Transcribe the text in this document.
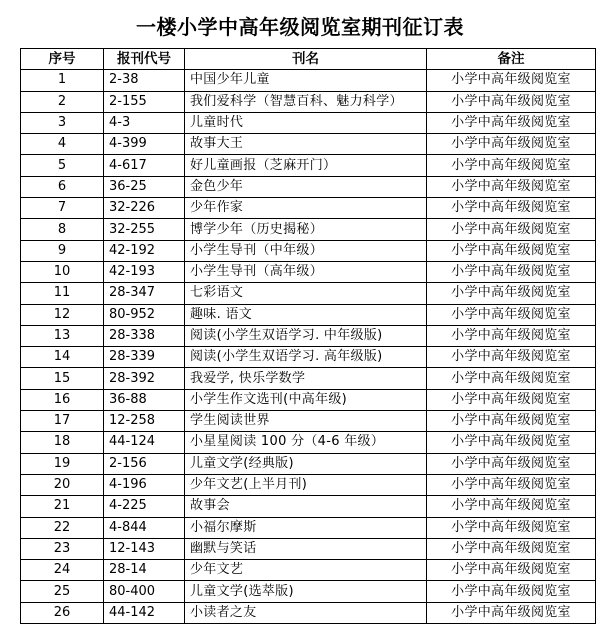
一楼小学中高年级阅览室期刊征订表
序号	报刊代号	刊名	备注
1	2-38	中国少年儿童	小学中高年级阅览室
2	2-155	我们爱科学（智慧百科、魅力科学）	小学中高年级阅览室
3	4-3	儿童时代	小学中高年级阅览室
4	4-399	故事大王	小学中高年级阅览室
5	4-617	好儿童画报（芝麻开门）	小学中高年级阅览室
6	36-25	金色少年	小学中高年级阅览室
7	32-226	少年作家	小学中高年级阅览室
8	32-255	博学少年（历史揭秘）	小学中高年级阅览室
9	42-192	小学生导刊（中年级）	小学中高年级阅览室
10	42-193	小学生导刊（高年级）	小学中高年级阅览室
11	28-347	七彩语文	小学中高年级阅览室
12	80-952	趣味. 语文	小学中高年级阅览室
13	28-338	阅读(小学生双语学习. 中年级版)	小学中高年级阅览室
14	28-339	阅读(小学生双语学习. 高年级版)	小学中高年级阅览室
15	28-392	我爱学, 快乐学数学	小学中高年级阅览室
16	36-88	小学生作文选刊(中高年级)	小学中高年级阅览室
17	12-258	学生阅读世界	小学中高年级阅览室
18	44-124	小星星阅读 100 分（4-6 年级）	小学中高年级阅览室
19	2-156	儿童文学(经典版)	小学中高年级阅览室
20	4-196	少年文艺(上半月刊)	小学中高年级阅览室
21	4-225	故事会	小学中高年级阅览室
22	4-844	小福尔摩斯	小学中高年级阅览室
23	12-143	幽默与笑话	小学中高年级阅览室
24	28-14	少年文艺	小学中高年级阅览室
25	80-400	儿童文学(选萃版)	小学中高年级阅览室
26	44-142	小读者之友	小学中高年级阅览室
